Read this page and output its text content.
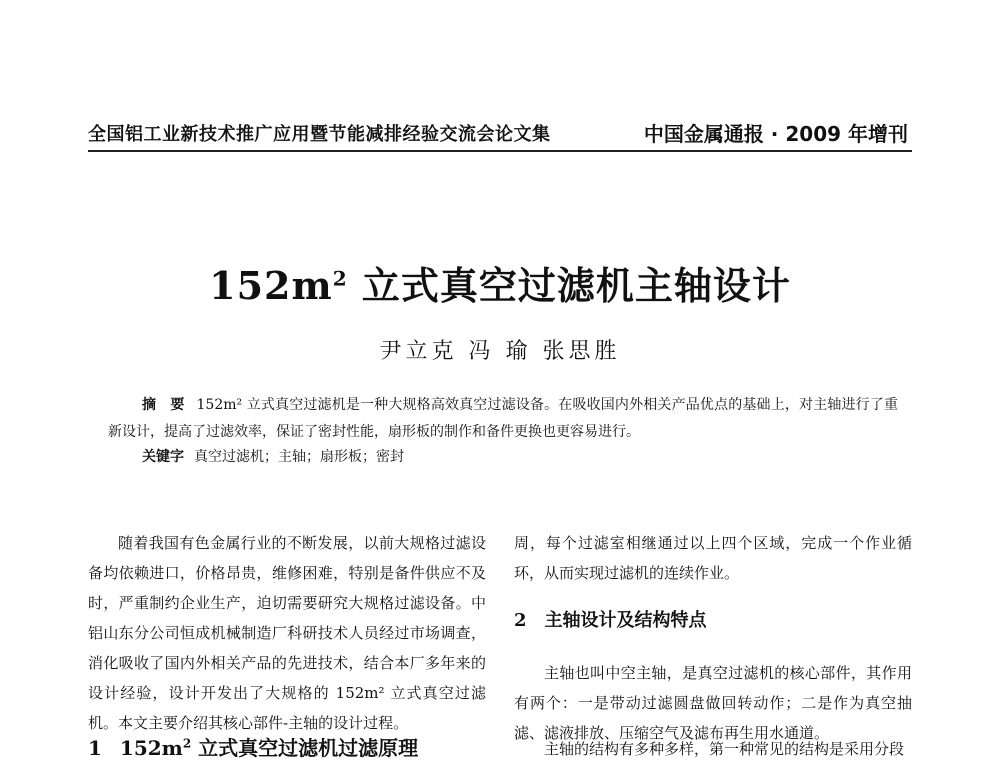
全国铝工业新技术推广应用暨节能减排经验交流会论文集	中国金属通报 · 2009 年增刊
$152m^2$ 立式真空过滤机主轴设计
尹立克 冯 瑜 张思胜
摘　要 152m² 立式真空过滤机是一种大规格高效真空过滤设备。在吸收国内外相关产品优点的基础上，对主轴进行了重新设计，提高了过滤效率，保证了密封性能，扇形板的制作和备件更换也更容易进行。
关键字 真空过滤机；主轴；扇形板；密封
随着我国有色金属行业的不断发展，以前大规格过滤设备均依赖进口，价格昂贵，维修困难，特别是备件供应不及时，严重制约企业生产，迫切需要研究大规格过滤设备。中铝山东分公司恒成机械制造厂科研技术人员经过市场调查，消化吸收了国内外相关产品的先进技术，结合本厂多年来的设计经验，设计开发出了大规格的 152m² 立式真空过滤机。本文主要介绍其核心部件-主轴的设计过程。
1 $152m^2$ 立式真空过滤机过滤原理
周，每个过滤室相继通过以上四个区域，完成一个作业循环，从而实现过滤机的连续作业。
2 主轴设计及结构特点
主轴也叫中空主轴，是真空过滤机的核心部件，其作用有两个：一是带动过滤圆盘做回转动作；二是作为真空抽滤、滤液排放、压缩空气及滤布再生用水通道。
主轴的结构有多种多样，第一种常见的结构是采用分段
